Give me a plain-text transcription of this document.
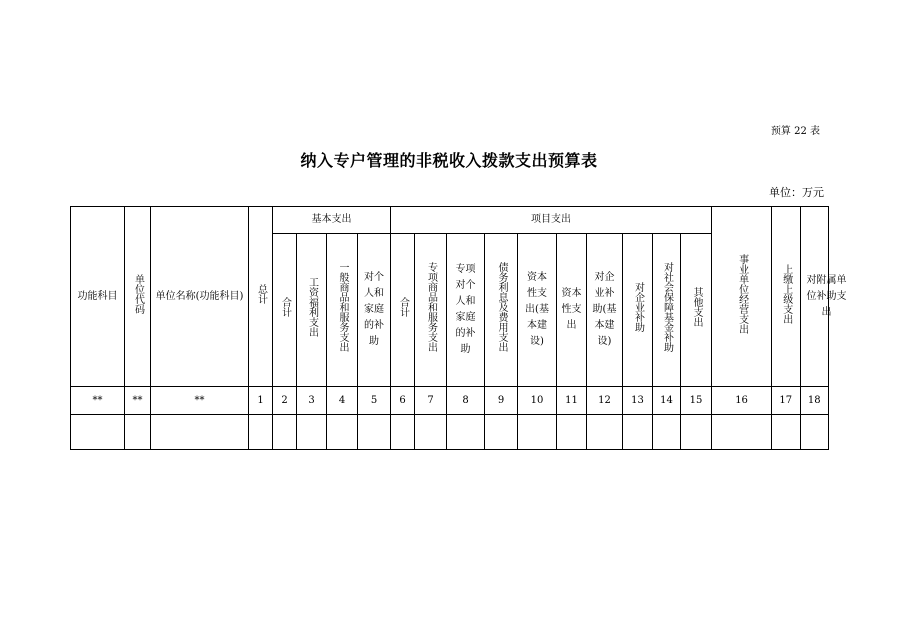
预算 22 表
纳入专户管理的非税收入拨款支出预算表
单位：万元
功能科目	单位代码	单位名称(功能科目)	总计	基本支出				项目支出										事业单位经营支出	上缴上级支出	对附属单位补助支出
				合计	工资福利支出	一般商品和服务支出	对个人和家庭的补助	合计	专项商品和服务支出	专项对个人和家庭的补助	债务利息及费用支出	资本性支出(基本建设)	资本性支出	对企业补助(基本建设)	对企业补助	对社会保障基金补助	其他支出			
**	**	**	1	2	3	4	5	6	7	8	9	10	11	12	13	14	15	16	17	18
